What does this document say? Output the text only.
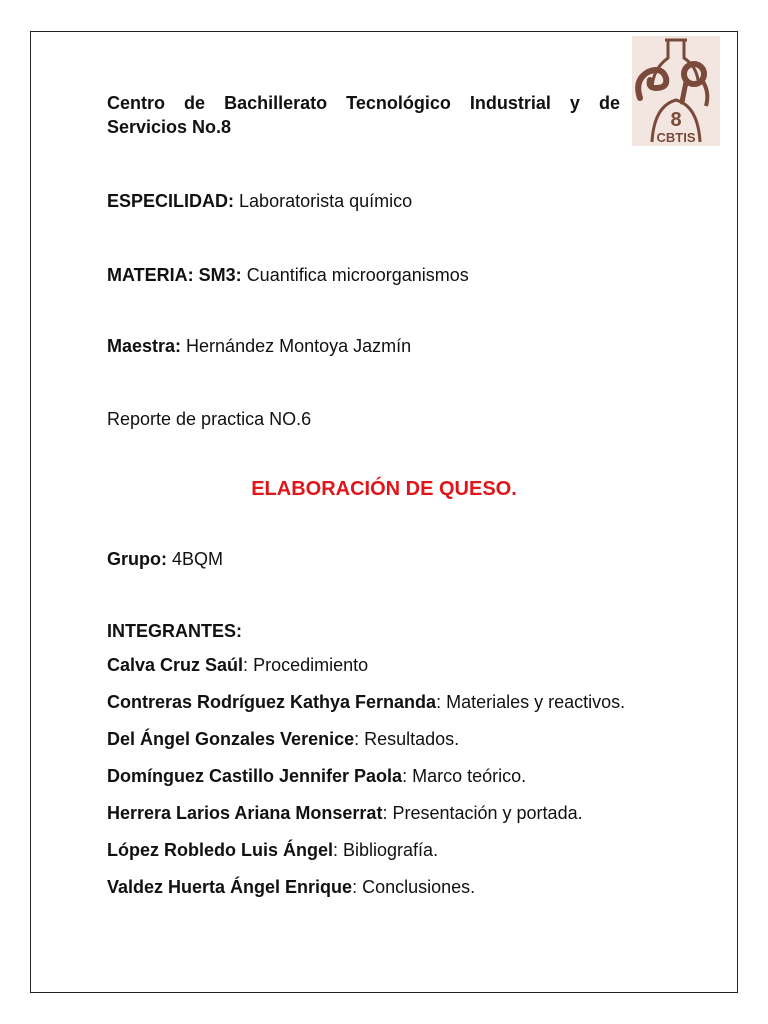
8
CBTIS
Centro de Bachillerato Tecnológico Industrial y de Servicios No.8
ESPECILIDAD: Laboratorista químico
MATERIA: SM3: Cuantifica microorganismos
Maestra: Hernández Montoya Jazmín
Reporte de practica NO.6
ELABORACIÓN DE QUESO.
Grupo: 4BQM
INTEGRANTES:
Calva Cruz Saúl: Procedimiento
Contreras Rodríguez Kathya Fernanda: Materiales y reactivos.
Del Ángel Gonzales Verenice: Resultados.
Domínguez Castillo Jennifer Paola: Marco teórico.
Herrera Larios Ariana Monserrat: Presentación y portada.
López Robledo Luis Ángel: Bibliografía.
Valdez Huerta Ángel Enrique: Conclusiones.
